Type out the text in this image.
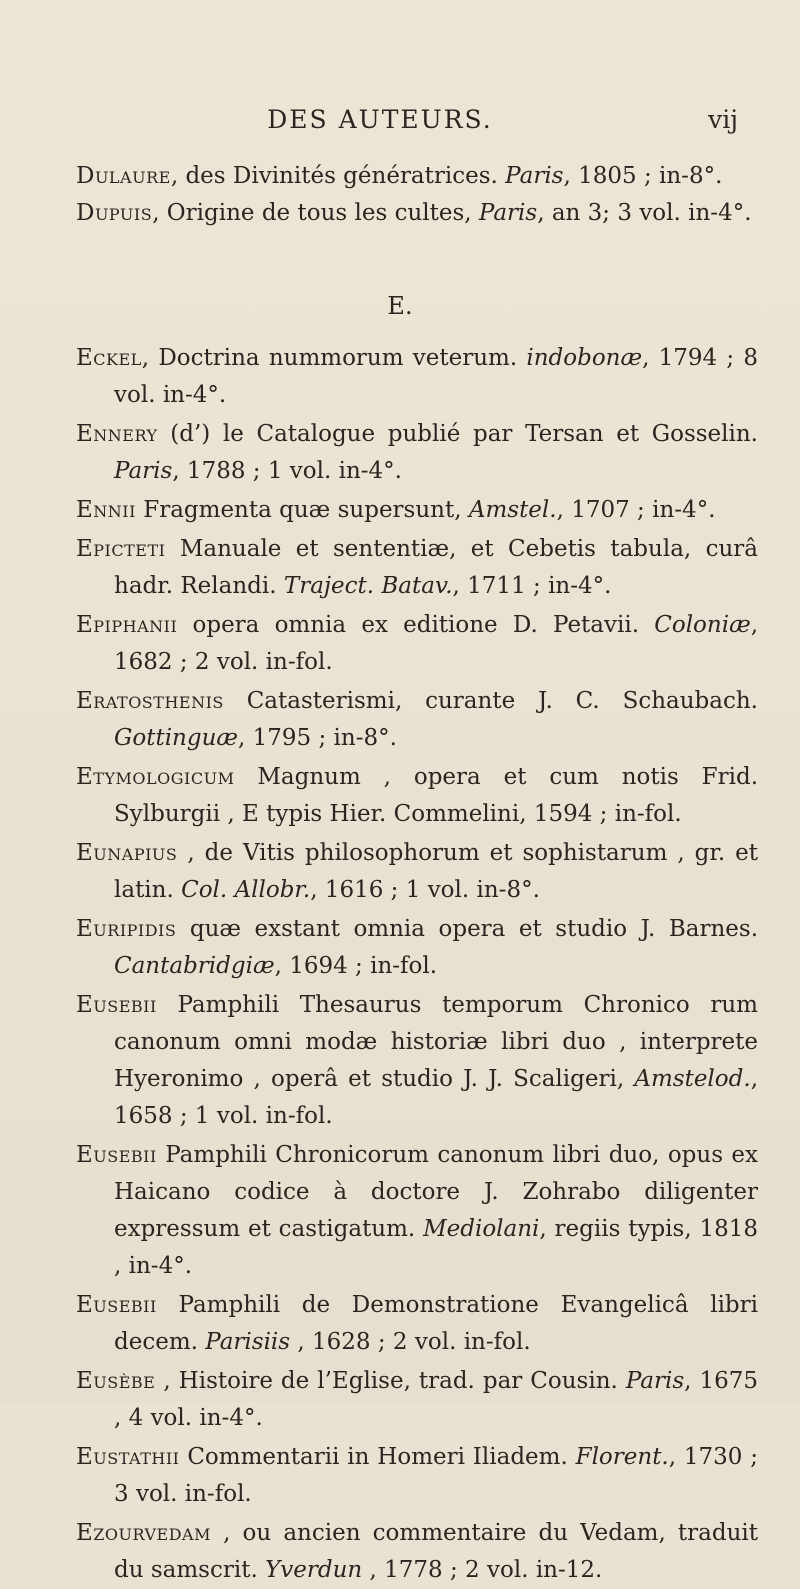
DES AUTEURS.	vij
Dulaure, des Divinités génératrices. Paris, 1805 ; in-8°.
Dupuis, Origine de tous les cultes, Paris, an 3; 3 vol. in-4°.
E.
Eckel, Doctrina nummorum veterum. indobonæ, 1794 ; 8 vol. in-4°.
Ennery (d’) le Catalogue publié par Tersan et Gosselin. Paris, 1788 ; 1 vol. in-4°.
Ennii Fragmenta quæ supersunt, Amstel., 1707 ; in-4°.
Epicteti Manuale et sententiæ, et Cebetis tabula, curâ hadr. Relandi. Traject. Batav., 1711 ; in-4°.
Epiphanii opera omnia ex editione D. Petavii. Coloniæ, 1682 ; 2 vol. in-fol.
Eratosthenis Catasterismi, curante J. C. Schaubach. Gottinguæ, 1795 ; in-8°.
Etymologicum Magnum , opera et cum notis Frid. Sylburgii , E typis Hier. Commelini, 1594 ; in-fol.
Eunapius , de Vitis philosophorum et sophistarum , gr. et latin. Col. Allobr., 1616 ; 1 vol. in-8°.
Euripidis quæ exstant omnia opera et studio J. Barnes. Cantabridgiæ, 1694 ; in-fol.
Eusebii Pamphili Thesaurus temporum Chronico rum canonum omni modæ historiæ libri duo , interprete Hyeronimo , operâ et studio J. J. Scaligeri, Amstelod., 1658 ; 1 vol. in-fol.
Eusebii Pamphili Chronicorum canonum libri duo, opus ex Haicano codice à doctore J. Zohrabo diligenter expressum et castigatum. Mediolani, regiis typis, 1818 , in-4°.
Eusebii Pamphili de Demonstratione Evangelicâ libri decem. Parisiis , 1628 ; 2 vol. in-fol.
Eusèbe , Histoire de l’Eglise, trad. par Cousin. Paris, 1675 , 4 vol. in-4°.
Eustathii Commentarii in Homeri Iliadem. Florent., 1730 ; 3 vol. in-fol.
Ezourvedam , ou ancien commentaire du Vedam, traduit du samscrit. Yverdun , 1778 ; 2 vol. in-12.
